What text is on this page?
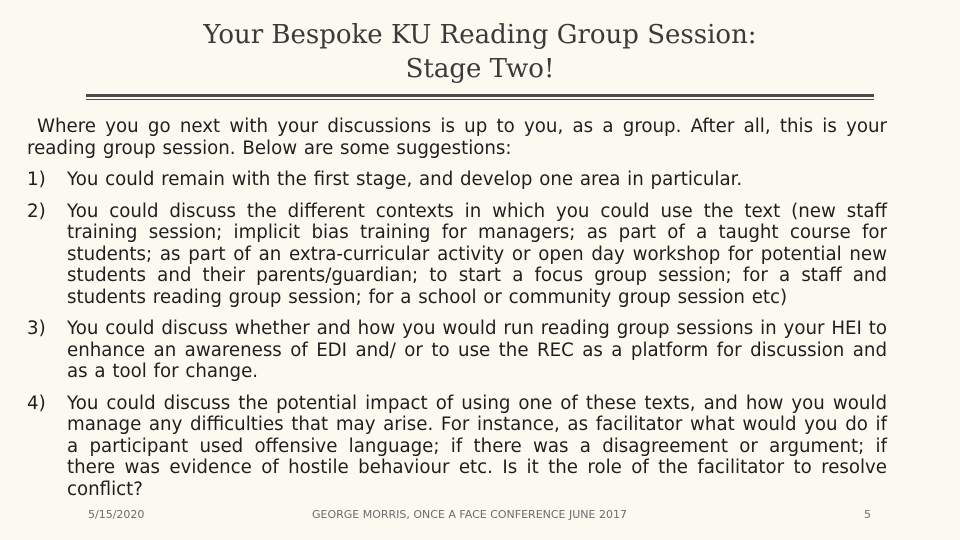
Your Bespoke KU Reading Group Session:
Stage Two!

Where you go next with your discussions is up to you, as a group. After all, this is your reading group session. Below are some suggestions:

1) You could remain with the first stage, and develop one area in particular.
2) You could discuss the different contexts in which you could use the text (new staff training session; implicit bias training for managers; as part of a taught course for students; as part of an extra-curricular activity or open day workshop for potential new students and their parents/guardian; to start a focus group session; for a staff and students reading group session; for a school or community group session etc)
3) You could discuss whether and how you would run reading group sessions in your HEI to enhance an awareness of EDI and/ or to use the REC as a platform for discussion and as a tool for change.
4) You could discuss the potential impact of using one of these texts, and how you would manage any difficulties that may arise. For instance, as facilitator what would you do if a participant used offensive language; if there was a disagreement or argument; if there was evidence of hostile behaviour etc. Is it the role of the facilitator to resolve conflict?
5/15/2020	GEORGE MORRIS, ONCE A FACE CONFERENCE JUNE 2017	5
